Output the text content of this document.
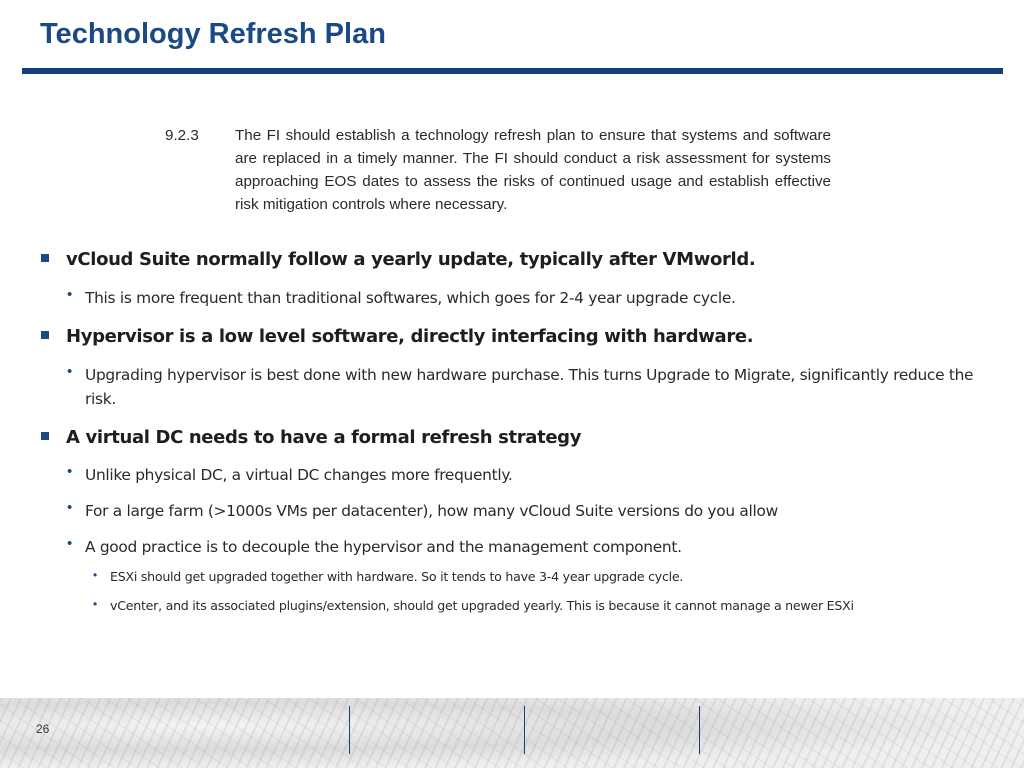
Technology Refresh Plan
9.2.3 The FI should establish a technology refresh plan to ensure that systems and software are replaced in a timely manner. The FI should conduct a risk assessment for systems approaching EOS dates to assess the risks of continued usage and establish effective risk mitigation controls where necessary.
vCloud Suite normally follow a yearly update, typically after VMworld.
• This is more frequent than traditional softwares, which goes for 2-4 year upgrade cycle.
Hypervisor is a low level software, directly interfacing with hardware.
• Upgrading hypervisor is best done with new hardware purchase. This turns Upgrade to Migrate, significantly reduce the risk.
A virtual DC needs to have a formal refresh strategy
• Unlike physical DC, a virtual DC changes more frequently.
• For a large farm (>1000s VMs per datacenter), how many vCloud Suite versions do you allow
• A good practice is to decouple the hypervisor and the management component.
• ESXi should get upgraded together with hardware. So it tends to have 3-4 year upgrade cycle.
• vCenter, and its associated plugins/extension, should get upgraded yearly. This is because it cannot manage a newer ESXi
26
